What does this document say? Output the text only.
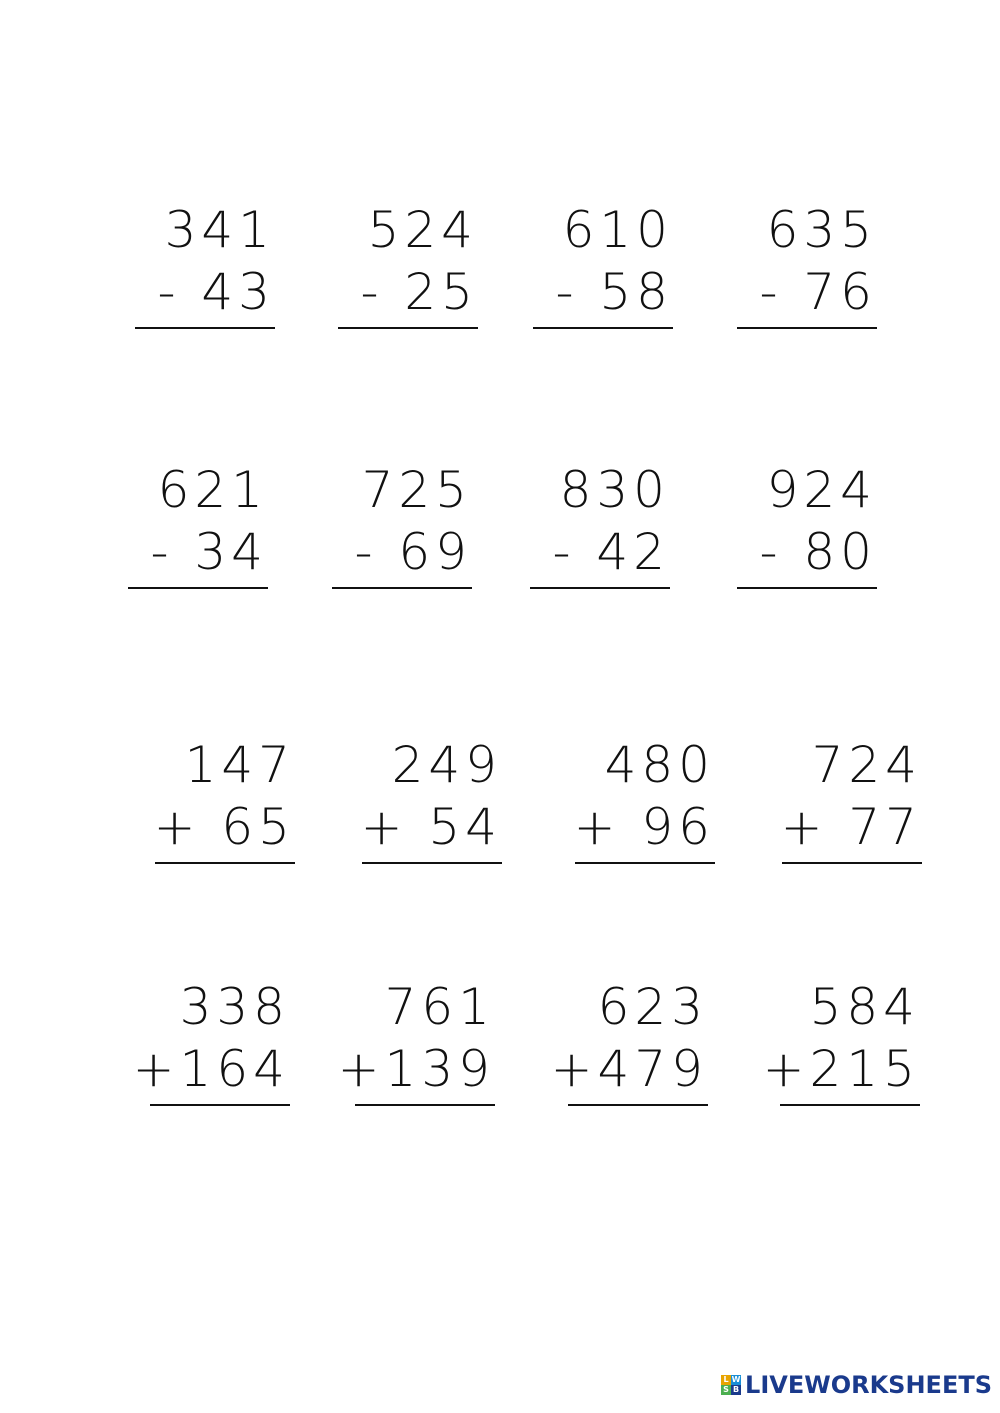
341
- 43
524
- 25
610
- 58
635
- 76
621
- 34
725
- 69
830
- 42
924
- 80
147
+ 65
249
+ 54
480
+ 96
724
+ 77
338
+164
761
+139
623
+479
584
+215
L W
S B LIVEWORKSHEETS
